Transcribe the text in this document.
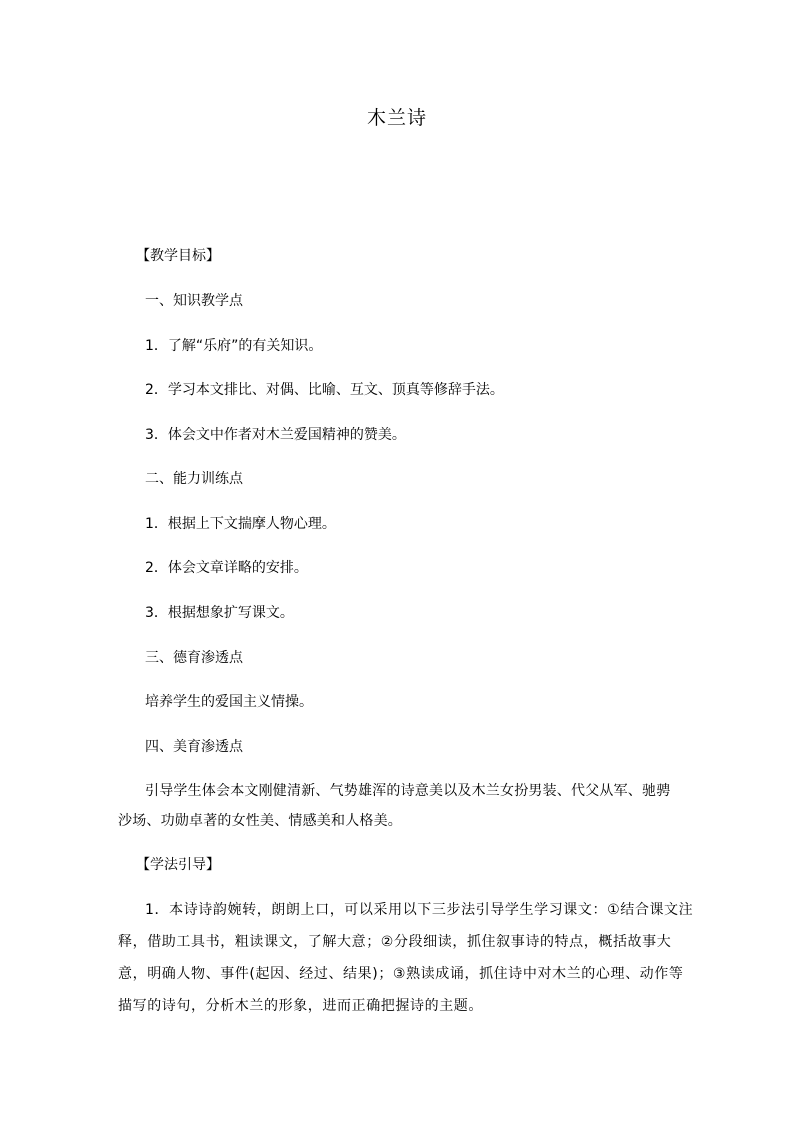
木兰诗
【教学目标】
一、知识教学点
1．了解“乐府”的有关知识。
2．学习本文排比、对偶、比喻、互文、顶真等修辞手法。
3．体会文中作者对木兰爱国精神的赞美。
二、能力训练点
1．根据上下文揣摩人物心理。
2．体会文章详略的安排。
3．根据想象扩写课文。
三、德育渗透点
培养学生的爱国主义情操。
四、美育渗透点
引导学生体会本文刚健清新、气势雄浑的诗意美以及木兰女扮男装、代父从军、驰骋沙场、功勋卓著的女性美、情感美和人格美。
【学法引导】
1．本诗诗韵婉转，朗朗上口，可以采用以下三步法引导学生学习课文：①结合课文注释，借助工具书，粗读课文，了解大意；②分段细读，抓住叙事诗的特点，概括故事大意，明确人物、事件(起因、经过、结果)；③熟读成诵，抓住诗中对木兰的心理、动作等描写的诗句，分析木兰的形象，进而正确把握诗的主题。
